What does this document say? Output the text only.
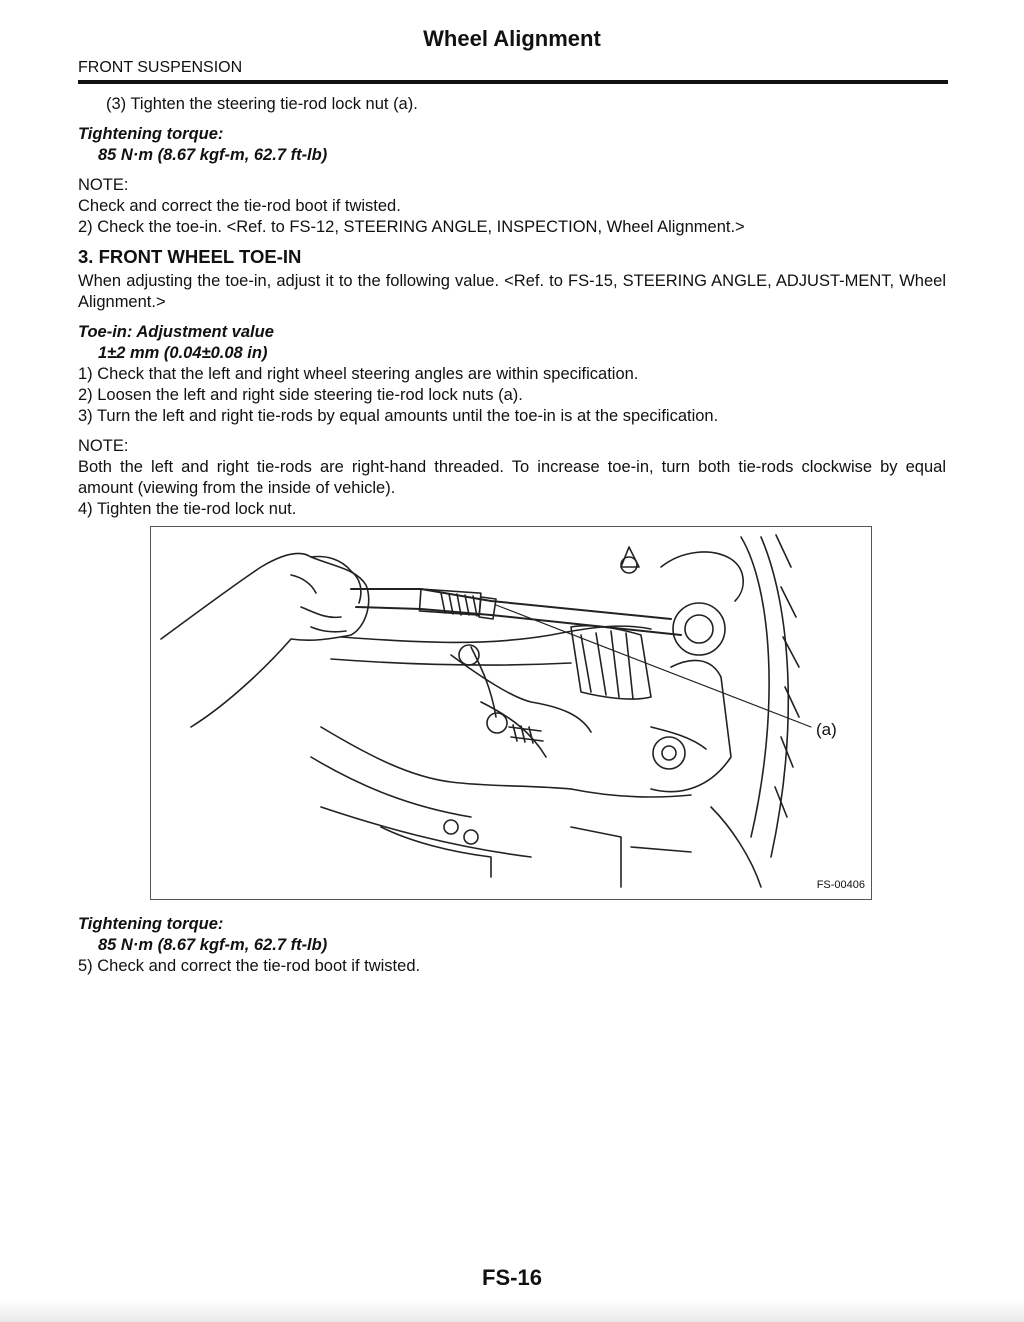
Wheel Alignment
FRONT SUSPENSION

(3) Tighten the steering tie-rod lock nut (a).

Tightening torque:

85 N·m (8.67 kgf-m, 62.7 ft-lb)

NOTE:

Check and correct the tie-rod boot if twisted.

2) Check the toe-in. <Ref. to FS-12, STEERING ANGLE, INSPECTION, Wheel Alignment.>

3. FRONT WHEEL TOE-IN

When adjusting the toe-in, adjust it to the following value. <Ref. to FS-15, STEERING ANGLE, ADJUST-MENT, Wheel Alignment.>

Toe-in: Adjustment value

1±2 mm (0.04±0.08 in)

1) Check that the left and right wheel steering angles are within specification.

2) Loosen the left and right side steering tie-rod lock nuts (a).

3) Turn the left and right tie-rods by equal amounts until the toe-in is at the specification.

NOTE:

Both the left and right tie-rods are right-hand threaded. To increase toe-in, turn both tie-rods clockwise by equal amount (viewing from the inside of vehicle).

4) Tighten the tie-rod lock nut.

(a)
FS-00406

Tightening torque:

85 N·m (8.67 kgf-m, 62.7 ft-lb)

5) Check and correct the tie-rod boot if twisted.

FS-16
